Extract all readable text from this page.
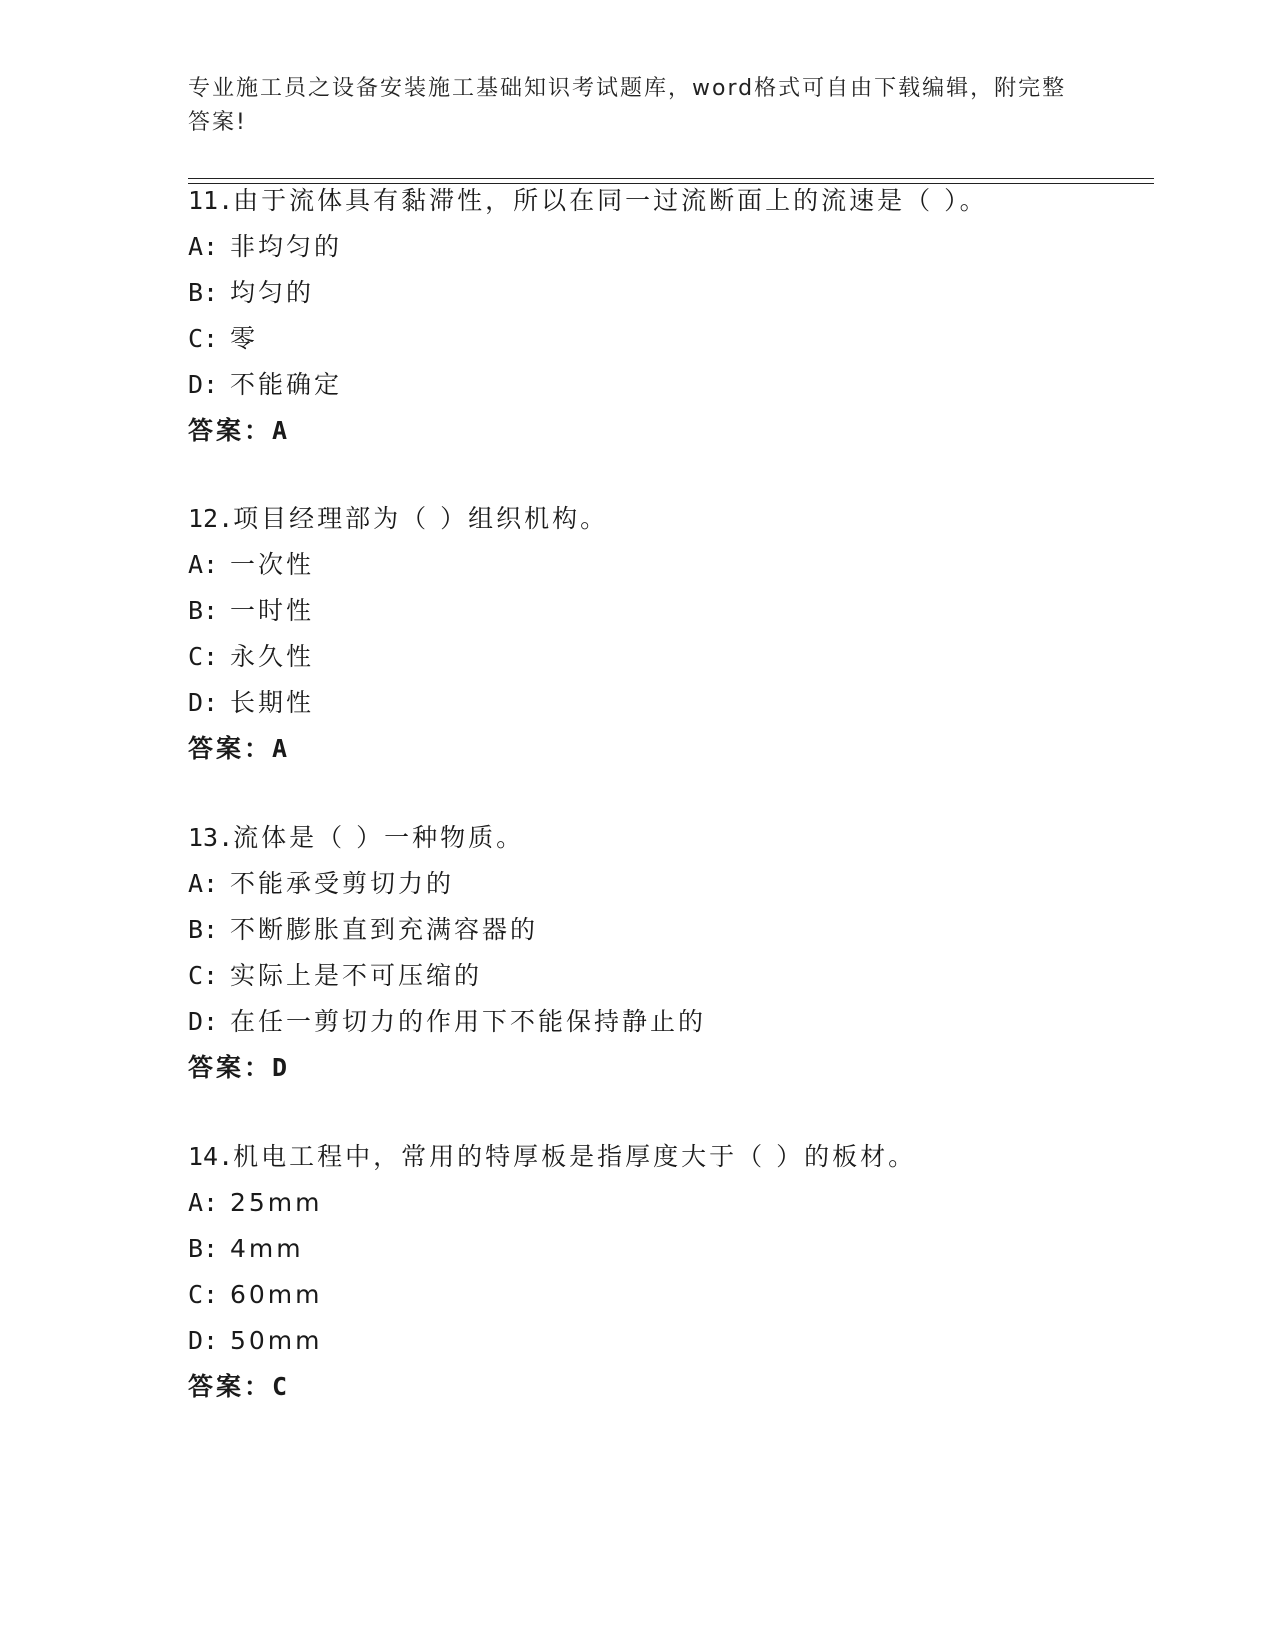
专业施工员之设备安装施工基础知识考试题库，word格式可自由下载编辑，附完整答案!
11.由于流体具有黏滞性，所以在同一过流断面上的流速是（ ）。
A: 非均匀的
B: 均匀的
C: 零
D: 不能确定
答案：A
12.项目经理部为（ ）组织机构。
A: 一次性
B: 一时性
C: 永久性
D: 长期性
答案：A
13.流体是（ ）一种物质。
A: 不能承受剪切力的
B: 不断膨胀直到充满容器的
C: 实际上是不可压缩的
D: 在任一剪切力的作用下不能保持静止的
答案：D
14.机电工程中，常用的特厚板是指厚度大于（ ）的板材。
A: 25mm
B: 4mm
C: 60mm
D: 50mm
答案：C
